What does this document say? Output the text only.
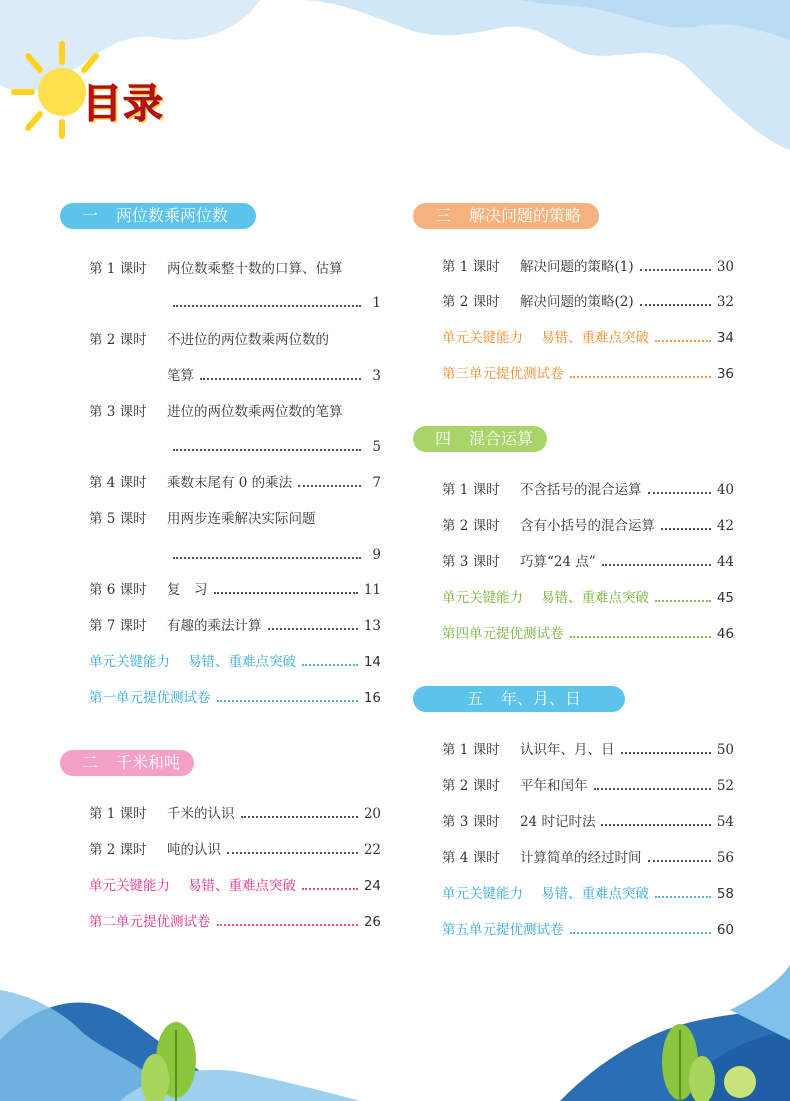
目录
一 两位数乘两位数
第 1 课时	两位数乘整十数的口算、估算
1
第 2 课时	不进位的两位数乘两位数的
笔算	3
第 3 课时	进位的两位数乘两位数的笔算
5
第 4 课时	乘数末尾有 0 的乘法	7
第 5 课时	用两步连乘解决实际问题
9
第 6 课时	复　习	11
第 7 课时	有趣的乘法计算	13
单元关键能力 易错、重难点突破	14
第一单元提优测试卷	16
二 千米和吨
第 1 课时	千米的认识	20
第 2 课时	吨的认识	22
单元关键能力 易错、重难点突破	24
第二单元提优测试卷	26
三 解决问题的策略
第 1 课时	解决问题的策略(1)	30
第 2 课时	解决问题的策略(2)	32
单元关键能力 易错、重难点突破	34
第三单元提优测试卷	36
四 混合运算
第 1 课时	不含括号的混合运算	40
第 2 课时	含有小括号的混合运算	42
第 3 课时	巧算“24 点”	44
单元关键能力 易错、重难点突破	45
第四单元提优测试卷	46
五 年、月、日
第 1 课时	认识年、月、日	50
第 2 课时	平年和闰年	52
第 3 课时	24 时记时法	54
第 4 课时	计算简单的经过时间	56
单元关键能力 易错、重难点突破	58
第五单元提优测试卷	60
